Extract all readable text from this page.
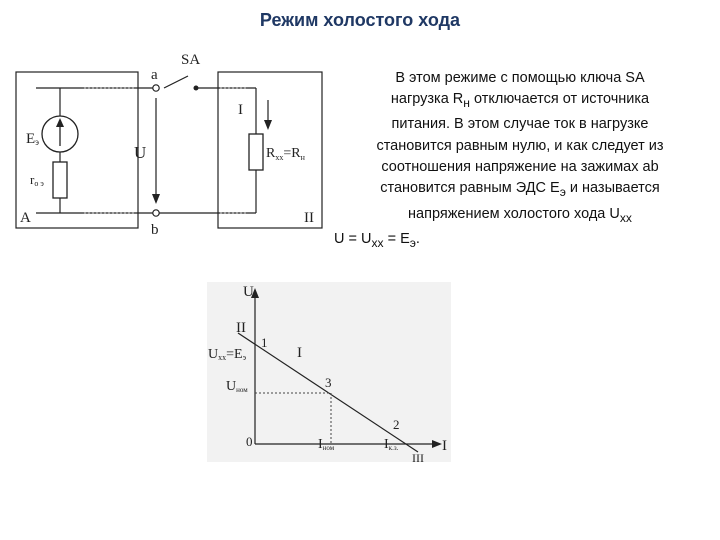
Режим холостого хода
В этом режиме с помощью ключа SA
нагрузка $R_н$ отключается от источника
питания. В этом случае ток в нагрузке
становится равным нулю, и как следует из
соотношения напряжение на зажимах ab
становится равным ЭДС $Е_э$ и называется
напряжением холостого хода $U_{хх}$
$U = U_{хх} = Е_э$.
SA
a
b
U
I
Eэ
ro э
$R_{xx}=R_н$
A	II
U
I
0
II
III
I
Uхх=Eэ
Uном
Iном	Iк.з.
1
2
3
